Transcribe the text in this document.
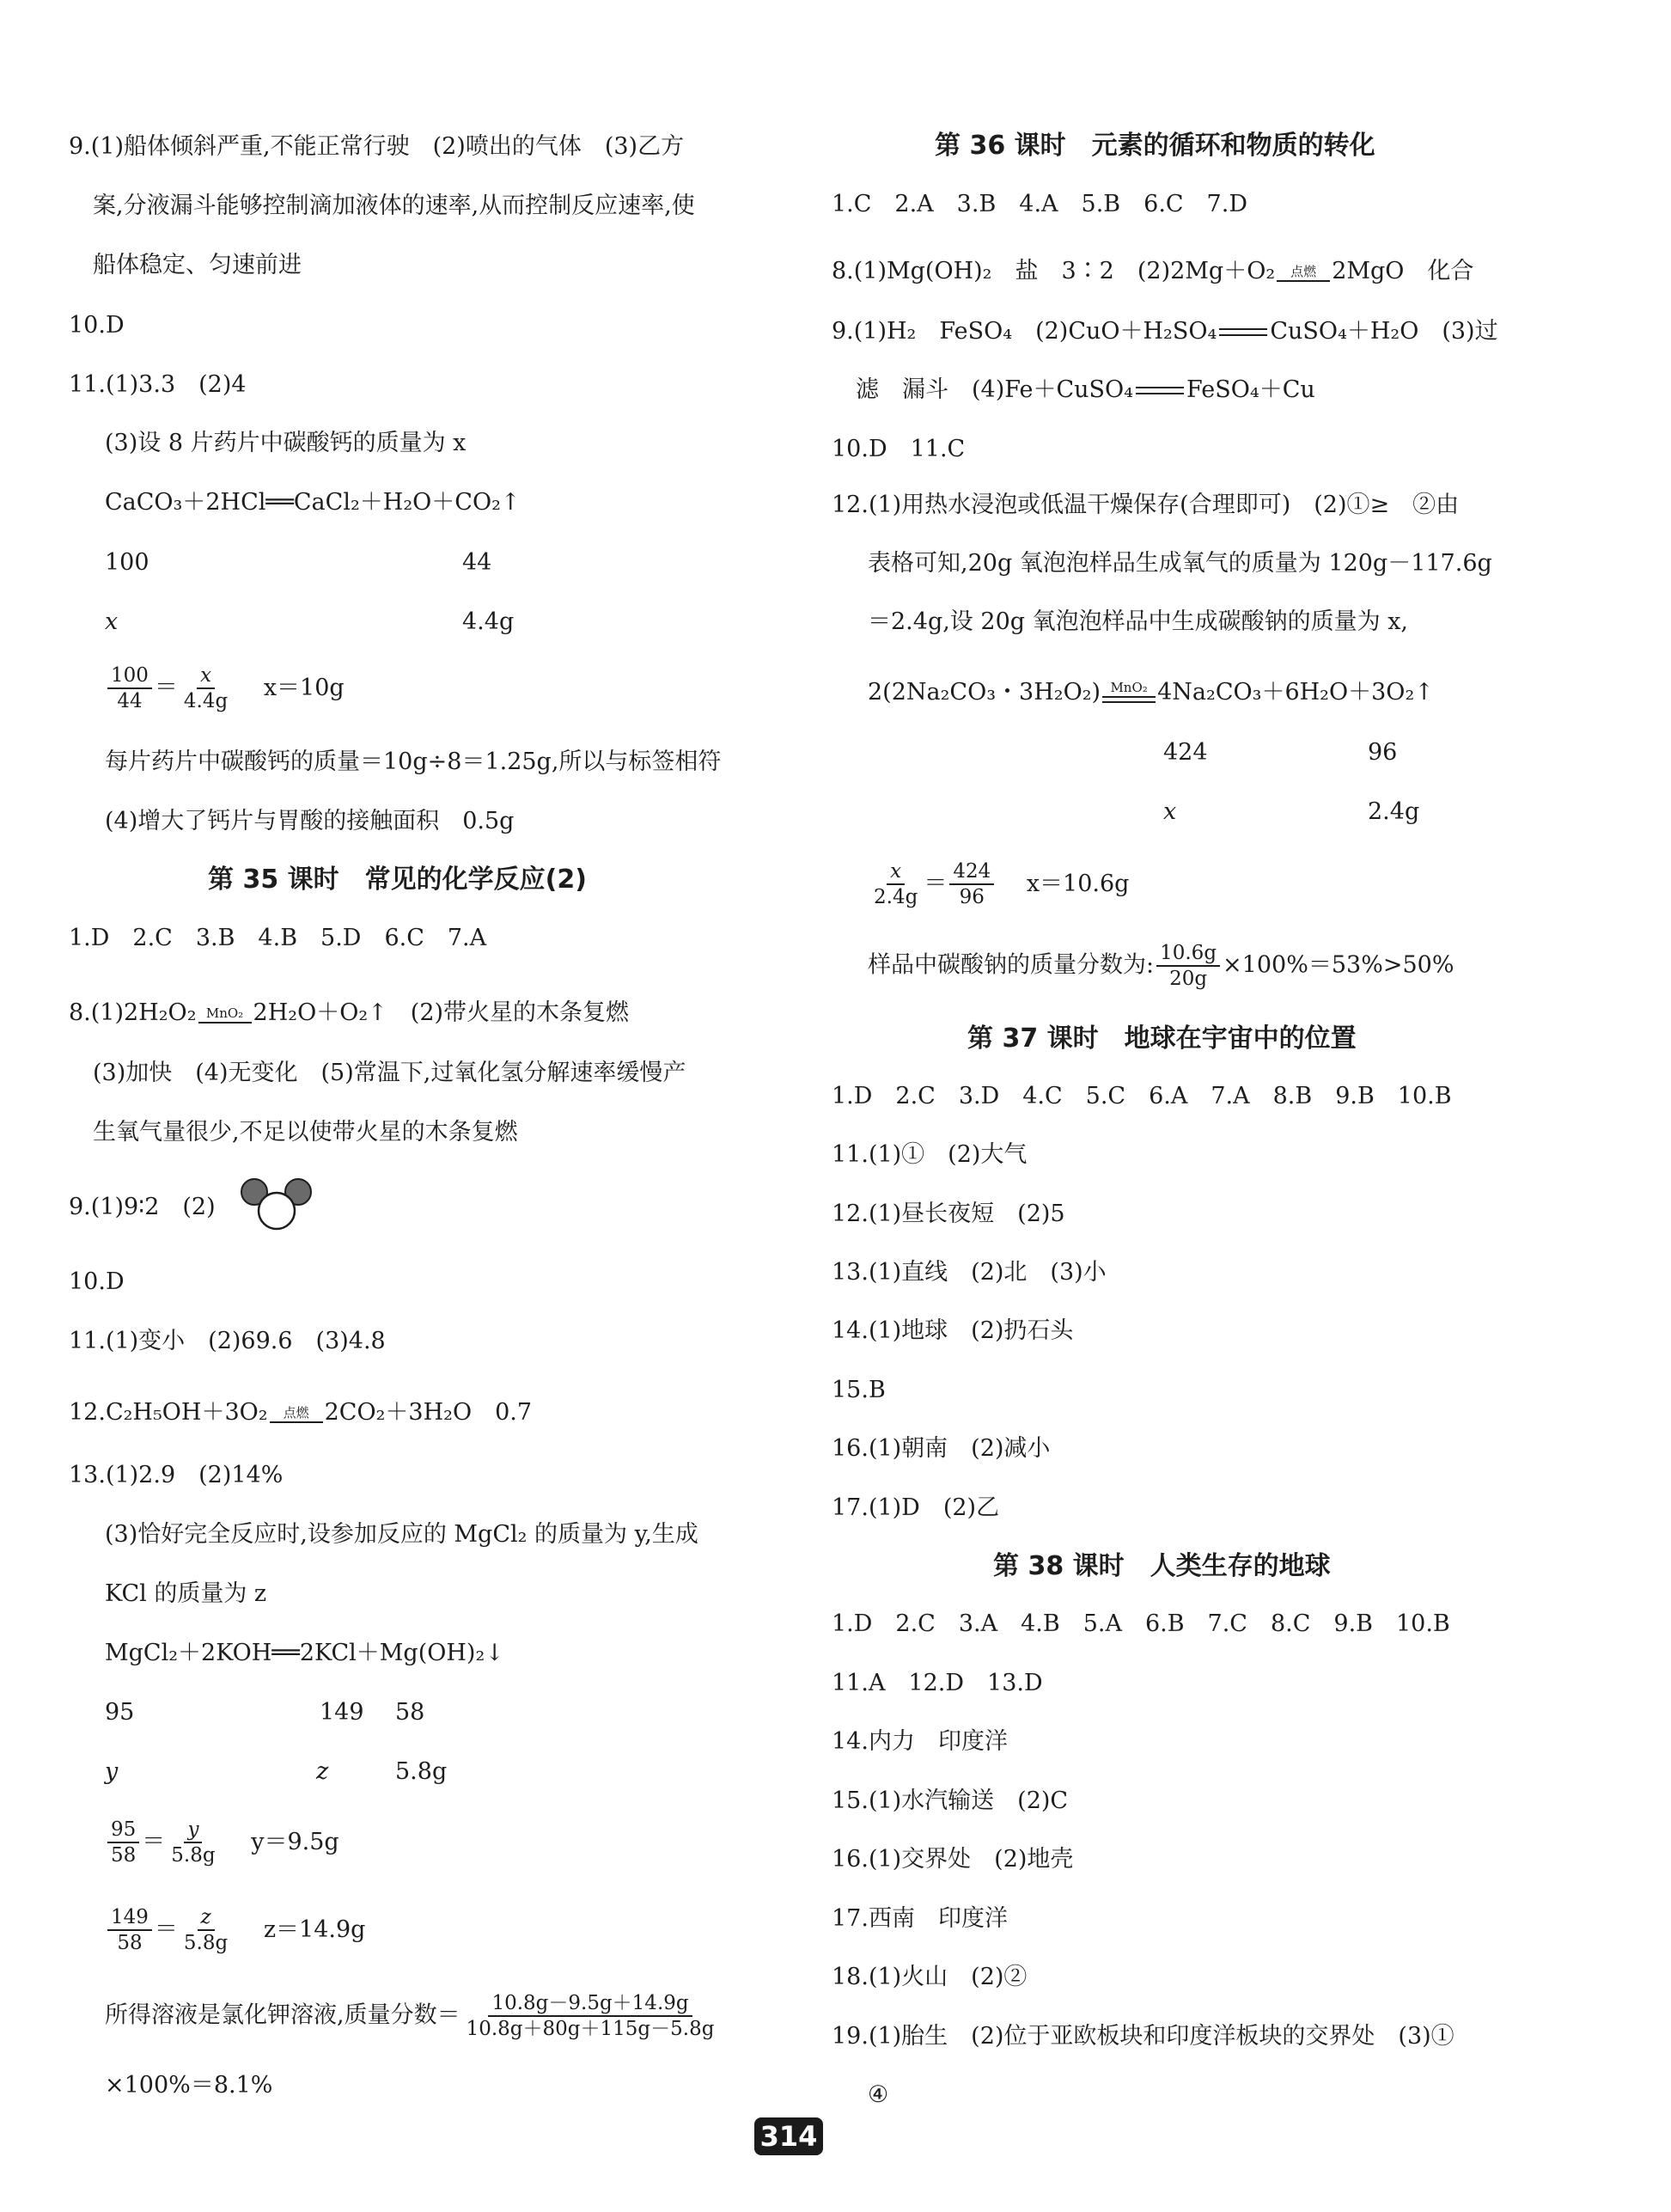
9.(1)船体倾斜严重,不能正常行驶　(2)喷出的气体　(3)乙方
案,分液漏斗能够控制滴加液体的速率,从而控制反应速率,使
船体稳定、匀速前进
10.D
11.(1)3.3　(2)4
(3)设 8 片药片中碳酸钙的质量为 x
CaCO₃＋2HCl══CaCl₂＋H₂O＋CO₂↑
100	44
x	4.4g
$\frac{100}{44} = \frac{x}{4.4g} x=10g$
每片药片中碳酸钙的质量＝10g÷8＝1.25g,所以与标签相符
(4)增大了钙片与胃酸的接触面积　0.5g
第 35 课时　常见的化学反应(2)
1.D　2.C　3.B　4.B　5.D　6.C　7.A
8.(1)2H₂O₂ MnO₂ 2H₂O＋O₂↑　(2)带火星的木条复燃
(3)加快　(4)无变化　(5)常温下,过氧化氢分解速率缓慢产
生氧气量很少,不足以使带火星的木条复燃
9.(1)9∶2　(2)
10.D
11.(1)变小　(2)69.6　(3)4.8
12.C₂H₅OH＋3O₂ 点燃 2CO₂＋3H₂O　0.7
13.(1)2.9　(2)14%
(3)恰好完全反应时,设参加反应的 MgCl₂ 的质量为 y,生成
KCl 的质量为 z
MgCl₂＋2KOH══2KCl＋Mg(OH)₂↓
95	149 58
y	z	5.8g
$\frac{95}{58} = \frac{y}{5.8g} y=9.5g$
$\frac{149}{58} = \frac{z}{5.8g} z=14.9g$
所得溶液是氯化钾溶液,质量分数＝ $\frac{10.8g-9.5g+14.9g}{10.8g+80g+115g-5.8g}$
×100%＝8.1%
第 36 课时　元素的循环和物质的转化
1.C　2.A　3.B　4.A　5.B　6.C　7.D
8.(1)Mg(OH)₂　盐　3∶2　(2)2Mg＋O₂ 点燃 2MgO　化合
9.(1)H₂　FeSO₄　(2)CuO＋H₂SO₄ CuSO₄＋H₂O　(3)过
滤　漏斗　(4)Fe＋CuSO₄ FeSO₄＋Cu
10.D　11.C
12.(1)用热水浸泡或低温干燥保存(合理即可)　(2)①≥　②由
表格可知,20g 氧泡泡样品生成氧气的质量为 120g－117.6g
＝2.4g,设 20g 氧泡泡样品中生成碳酸钠的质量为 x,
2(2Na₂CO₃・3H₂O₂) MnO₂ 4Na₂CO₃＋6H₂O＋3O₂↑
424	96
x	2.4g
$\frac{x}{2.4g} = \frac{424}{96} x=10.6g$
样品中碳酸钠的质量分数为: $\frac{10.6g}{20g} \times 100\%=53\%>50\%$
第 37 课时　地球在宇宙中的位置
1.D　2.C　3.D　4.C　5.C　6.A　7.A　8.B　9.B　10.B
11.(1)①　(2)大气
12.(1)昼长夜短　(2)5
13.(1)直线　(2)北　(3)小
14.(1)地球　(2)扔石头
15.B
16.(1)朝南　(2)减小
17.(1)D　(2)乙
第 38 课时　人类生存的地球
1.D　2.C　3.A　4.B　5.A　6.B　7.C　8.C　9.B　10.B
11.A　12.D　13.D
14.内力　印度洋
15.(1)水汽输送　(2)C
16.(1)交界处　(2)地壳
17.西南　印度洋
18.(1)火山　(2)②
19.(1)胎生　(2)位于亚欧板块和印度洋板块的交界处　(3)①
④
314
